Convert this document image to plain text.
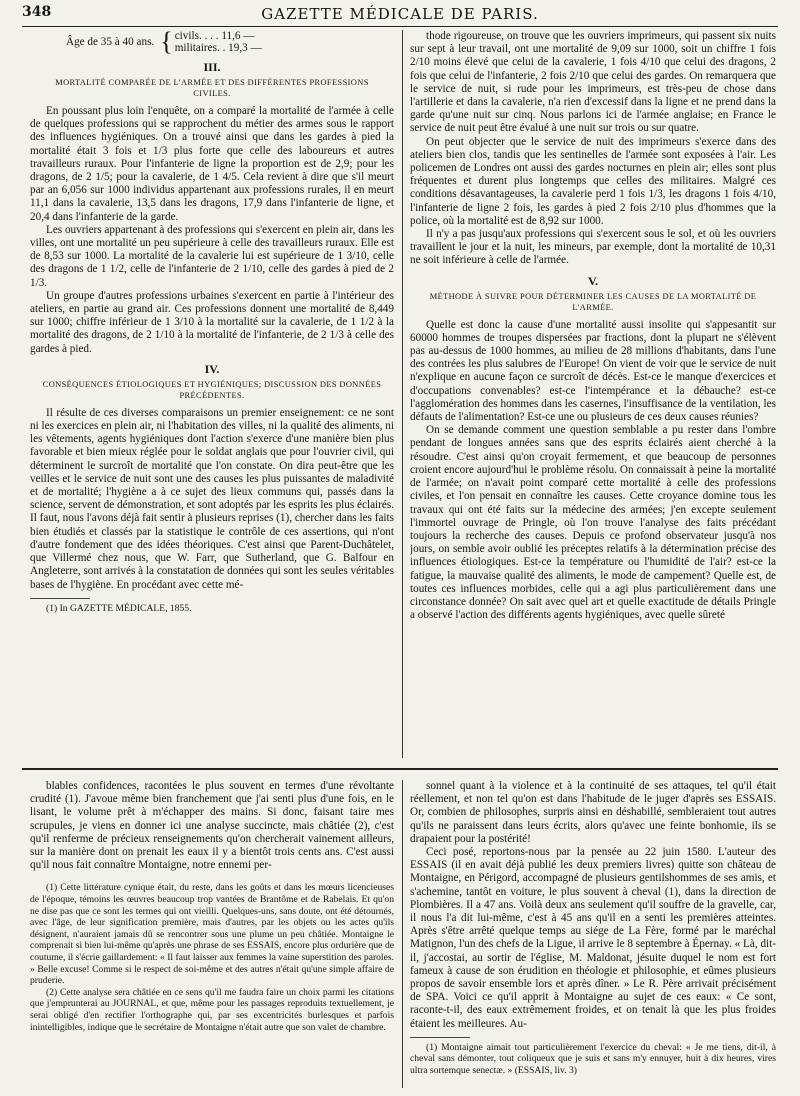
348	GAZETTE MÉDICALE DE PARIS.
Âge de 35 à 40 ans. { civils. . . . 11,6 —
militaires. . 19,3 —
III.
MORTALITÉ COMPARÉE DE L'ARMÉE ET DES DIFFÉRENTES PROFESSIONS CIVILES.

En poussant plus loin l'enquête, on a comparé la mortalité de l'armée à celle de quelques professions qui se rapprochent du métier des armes sous le rapport des influences hygiéniques. On a trouvé ainsi que dans les gardes à pied la mortalité était 3 fois et 1/3 plus forte que celle des laboureurs et autres travailleurs ruraux. Pour l'infanterie de ligne la proportion est de 2,9; pour les dragons, de 2 1/5; pour la cavalerie, de 1 4/5. Cela revient à dire que s'il meurt par an 6,056 sur 1000 individus appartenant aux professions rurales, il en meurt 11,1 dans la cavalerie, 13,5 dans les dragons, 17,9 dans l'infanterie de ligne, et 20,4 dans l'infanterie de la garde.

Les ouvriers appartenant à des professions qui s'exercent en plein air, dans les villes, ont une mortalité un peu supérieure à celle des travailleurs ruraux. Elle est de 8,53 sur 1000. La mortalité de la cavalerie lui est supérieure de 1 3/10, celle des dragons de 1 1/2, celle de l'infanterie de 2 1/10, celle des gardes à pied de 2 1/3.

Un groupe d'autres professions urbaines s'exercent en partie à l'intérieur des ateliers, en partie au grand air. Ces professions donnent une mortalité de 8,449 sur 1000; chiffre inférieur de 1 3/10 à la mortalité sur la cavalerie, de 1 1/2 à la mortalité des dragons, de 2 1/10 à la mortalité de l'infanterie, de 2 1/3 à celle des gardes à pied.

IV.
CONSÉQUENCES ÉTIOLOGIQUES ET HYGIÉNIQUES; DISCUSSION DES DONNÉES PRÉCÉDENTES.

Il résulte de ces diverses comparaisons un premier enseignement: ce ne sont ni les exercices en plein air, ni l'habitation des villes, ni la qualité des aliments, ni les vêtements, agents hygiéniques dont l'action s'exerce d'une manière bien plus favorable et bien mieux réglée pour le soldat anglais que pour l'ouvrier civil, qui déterminent le surcroît de mortalité que l'on constate. On dira peut-être que les veilles et le service de nuit sont une des causes les plus puissantes de maladivité et de mortalité; l'hygiène a à ce sujet des lieux communs qui, passés dans la science, servent de démonstration, et sont adoptés par les esprits les plus éclairés. Il faut, nous l'avons déjà fait sentir à plusieurs reprises (1), chercher dans les faits bien étudiés et classés par la statistique le contrôle de ces assertions, qui n'ont d'autre fondement que des idées théoriques. C'est ainsi que Parent-Duchâtelet, que Villermé chez nous, que W. Farr, que Sutherland, que G. Balfour en Angleterre, sont arrivés à la constatation de données qui sont les seules véritables bases de l'hygiène. En procédant avec cette mé-

(1) In GAZETTE MÉDICALE, 1855.

thode rigoureuse, on trouve que les ouvriers imprimeurs, qui passent six nuits sur sept à leur travail, ont une mortalité de 9,09 sur 1000, soit un chiffre 1 fois 2/10 moins élevé que celui de la cavalerie, 1 fois 4/10 que celui des dragons, 2 fois que celui de l'infanterie, 2 fois 2/10 que celui des gardes. On remarquera que le service de nuit, si rude pour les imprimeurs, est très-peu de chose dans l'artillerie et dans la cavalerie, n'a rien d'excessif dans la ligne et ne prend dans la garde qu'une nuit sur cinq. Nous parlons ici de l'armée anglaise; en France le service de nuit peut être évalué à une nuit sur trois ou sur quatre.

On peut objecter que le service de nuit des imprimeurs s'exerce dans des ateliers bien clos, tandis que les sentinelles de l'armée sont exposées à l'air. Les policemen de Londres ont aussi des gardes nocturnes en plein air; elles sont plus fréquentes et durent plus longtemps que celles des militaires. Malgré ces conditions désavantageuses, la cavalerie perd 1 fois 1/3, les dragons 1 fois 4/10, l'infanterie de ligne 2 fois, les gardes à pied 2 fois 2/10 plus d'hommes que la police, où la mortalité est de 8,92 sur 1000.

Il n'y a pas jusqu'aux professions qui s'exercent sous le sol, et où les ouvriers travaillent le jour et la nuit, les mineurs, par exemple, dont la mortalité de 10,31 ne soit inférieure à celle de l'armée.

V.
MÉTHODE À SUIVRE POUR DÉTERMINER LES CAUSES DE LA MORTALITÉ DE L'ARMÉE.

Quelle est donc la cause d'une mortalité aussi insolite qui s'appesantit sur 60000 hommes de troupes dispersées par fractions, dont la plupart ne s'élèvent pas au-dessus de 1000 hommes, au milieu de 28 millions d'habitants, dans l'une des contrées les plus salubres de l'Europe! On vient de voir que le service de nuit n'explique en aucune façon ce surcroît de décès. Est-ce le manque d'exercices et d'occupations convenables? est-ce l'intempérance et la débauche? est-ce l'agglomération des hommes dans les casernes, l'insuffisance de la ventilation, les défauts de l'alimentation? Est-ce une ou plusieurs de ces deux causes réunies?

On se demande comment une question semblable a pu rester dans l'ombre pendant de longues années sans que des esprits éclairés aient cherché à la résoudre. C'est ainsi qu'on croyait fermement, et que beaucoup de personnes croient encore aujourd'hui le problème résolu. On connaissait à peine la mortalité de l'armée; on n'avait point comparé cette mortalité à celle des professions civiles, et l'on pensait en connaître les causes. Cette croyance domine tous les travaux qui ont été faits sur la médecine des armées; j'en excepte seulement l'immortel ouvrage de Pringle, où l'on trouve l'analyse des faits précédant toujours la recherche des causes. Depuis ce profond observateur jusqu'à nos jours, on semble avoir oublié les préceptes relatifs à la détermination précise des influences étiologiques. Est-ce la température ou l'humidité de l'air? est-ce la fatigue, la mauvaise qualité des aliments, le mode de campement? Quelle est, de toutes ces influences morbides, celle qui a agi plus particulièrement dans une circonstance donnée? On sait avec quel art et quelle exactitude de détails Pringle a observé l'action des différents agents hygiéniques, avec quelle sûreté

blables confidences, racontées le plus souvent en termes d'une révoltante crudité (1). J'avoue même bien franchement que j'ai senti plus d'une fois, en le lisant, le volume prêt à m'échapper des mains. Si donc, faisant taire mes scrupules, je viens en donner ici une analyse succincte, mais châtiée (2), c'est qu'il renferme de précieux renseignements qu'on chercherait vainement ailleurs, sur la manière dont on prenait les eaux il y a bientôt trois cents ans. C'est aussi qu'il nous fait connaître Montaigne, notre ennemi per-

(1) Cette littérature cynique était, du reste, dans les goûts et dans les mœurs licencieuses de l'époque, témoins les œuvres beaucoup trop vantées de Brantôme et de Rabelais. Et qu'on ne dise pas que ce sont les termes qui ont vieilli. Quelques-uns, sans doute, ont été détournés, avec l'âge, de leur signification première, mais d'autres, par les objets ou les actes qu'ils désignent, n'auraient jamais dû se rencontrer sous une plume un peu châtiée. Montaigne le comprenait si bien lui-même qu'après une phrase de ses ESSAIS, encore plus ordurière que de coutume, il s'écrie gaillardement: « Il faut laisser aux femmes la vaine superstition des paroles. » Belle excuse! Comme si le respect de soi-même et des autres n'était qu'une simple affaire de pruderie.

(2) Cette analyse sera châtiée en ce sens qu'il me faudra faire un choix parmi les citations que j'emprunterai au JOURNAL, et que, même pour les passages reproduits textuellement, je serai obligé d'en rectifier l'orthographe qui, par ses excentricités burlesques et parfois inintelligibles, indique que le secrétaire de Montaigne n'était autre que son valet de chambre.

sonnel quant à la violence et à la continuité de ses attaques, tel qu'il était réellement, et non tel qu'on est dans l'habitude de le juger d'après ses ESSAIS. Or, combien de philosophes, surpris ainsi en déshabillé, sembleraient tout autres qu'ils ne paraissent dans leurs écrits, alors qu'avec une feinte bonhomie, ils se drapaient pour la postérité!

Ceci posé, reportons-nous par la pensée au 22 juin 1580. L'auteur des ESSAIS (il en avait déjà publié les deux premiers livres) quitte son château de Montaigne, en Périgord, accompagné de plusieurs gentilshommes de ses amis, et s'achemine, tantôt en voiture, le plus souvent à cheval (1), dans la direction de Plombières. Il a 47 ans. Voilà deux ans seulement qu'il souffre de la gravelle, car, il nous l'a dit lui-même, c'est à 45 ans qu'il en a senti les premières atteintes. Après s'être arrêté quelque temps au siége de La Fère, formé par le maréchal Matignon, l'un des chefs de la Ligue, il arrive le 8 septembre à Épernay. « Là, dit-il, j'accostai, au sortir de l'église, M. Maldonat, jésuite duquel le nom est fort fameux à cause de son érudition en théologie et philosophie, et eûmes plusieurs propos de savoir ensemble lors et après dîner. » Le R. Père arrivait précisément de SPA. Voici ce qu'il apprit à Montaigne au sujet de ces eaux: « Ce sont, raconte-t-il, des eaux extrêmement froides, et on tenait là que les plus froides étaient les meilleures. Au-

(1) Montaigne aimait tout particulièrement l'exercice du cheval: « Je me tiens, dit-il, à cheval sans démonter, tout coliqueux que je suis et sans m'y ennuyer, huit à dix heures, vires ultra sortemque senectæ. » (ESSAIS, liv. 3)
